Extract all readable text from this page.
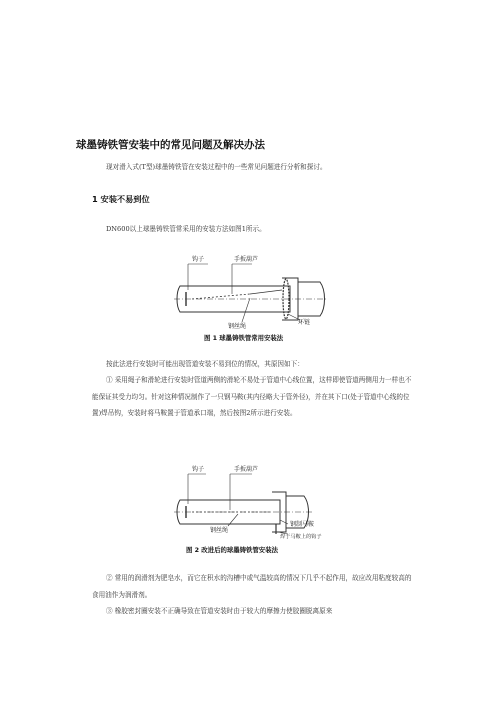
球墨铸铁管安装中的常见问题及解决办法
现对滑入式(T型)球墨铸铁管在安装过程中的一些常见问题进行分析和探讨。
1 安装不易到位
DN600以上球墨铸铁管常采用的安装方法如图1所示。
钩子	手扳葫芦
钢丝绳
环链
图 1 球墨铸铁管常用安装法
按此法进行安装时可能出现管道安装不易到位的情况，其原因如下：
① 采用绳子和滑轮进行安装时管道两侧的滑轮不易处于管道中心线位置，这样即使管道两侧用力一样也不能保证其受力均匀。针对这种情况制作了一只钢马鞍(其内径略大于管外径)，并在其下口(处于管道中心线的位置)焊吊钩，安装时将马鞍置于管道承口端，然后按图2所示进行安装。
钩子	手扳葫芦
钢丝绳
钢制马鞍
焊于马鞍上的钩子
图 2 改进后的球墨铸铁管安装法
② 常用的润滑剂为肥皂水，而它在积水的沟槽中或气温较高的情况下几乎不起作用，故应改用粘度较高的食用油作为润滑剂。
③ 橡胶密封圈安装不正确导致在管道安装时由于较大的摩擦力使胶圈脱离原来
